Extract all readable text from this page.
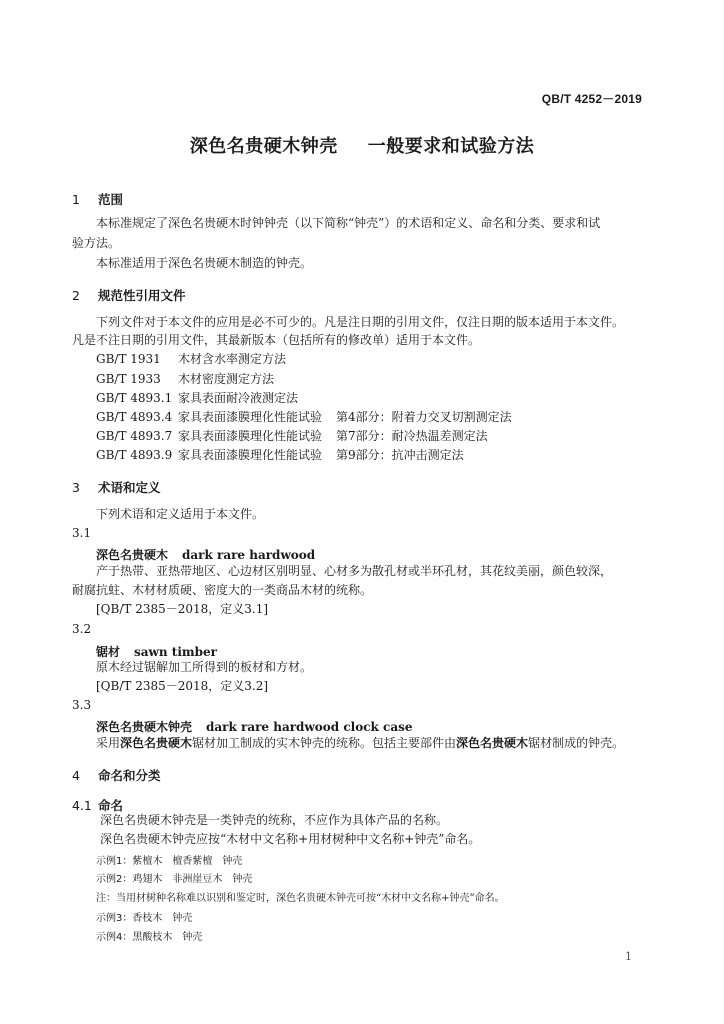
QB/T 4252－2019
深色名贵硬木钟壳 一般要求和试验方法
1 范围
本标准规定了深色名贵硬木时钟钟壳（以下简称“钟壳”）的术语和定义、命名和分类、要求和试
验方法。
本标准适用于深色名贵硬木制造的钟壳。
2 规范性引用文件
下列文件对于本文件的应用是必不可少的。凡是注日期的引用文件，仅注日期的版本适用于本文件。
凡是不注日期的引用文件，其最新版本（包括所有的修改单）适用于本文件。
GB/T 1931 木材含水率测定方法
GB/T 1933 木材密度测定方法
GB/T 4893.1 家具表面耐冷液测定法
GB/T 4893.4 家具表面漆膜理化性能试验 第4部分：附着力交叉切割测定法
GB/T 4893.7 家具表面漆膜理化性能试验 第7部分：耐冷热温差测定法
GB/T 4893.9 家具表面漆膜理化性能试验 第9部分：抗冲击测定法
3 术语和定义
下列术语和定义适用于本文件。
3.1
深色名贵硬木 dark rare hardwood
产于热带、亚热带地区、心边材区别明显、心材多为散孔材或半环孔材，其花纹美丽，颜色较深，
耐腐抗蛀、木材材质硬、密度大的一类商品木材的统称。
[QB/T 2385－2018，定义3.1]
3.2
锯材 sawn timber
原木经过锯解加工所得到的板材和方材。
[QB/T 2385－2018，定义3.2]
3.3
深色名贵硬木钟壳 dark rare hardwood clock case
采用深色名贵硬木锯材加工制成的实木钟壳的统称。包括主要部件由深色名贵硬木锯材制成的钟壳。
4 命名和分类
4.1 命名
深色名贵硬木钟壳是一类钟壳的统称，不应作为具体产品的名称。
深色名贵硬木钟壳应按“木材中文名称+用材树种中文名称+钟壳”命名。
示例1：紫檀木 檀香紫檀 钟壳
示例2：鸡翅木 非洲崖豆木 钟壳
注：当用材树种名称难以识别和鉴定时，深色名贵硬木钟壳可按“木材中文名称+钟壳”命名。
示例3：香枝木 钟壳
示例4：黑酸枝木 钟壳
1
